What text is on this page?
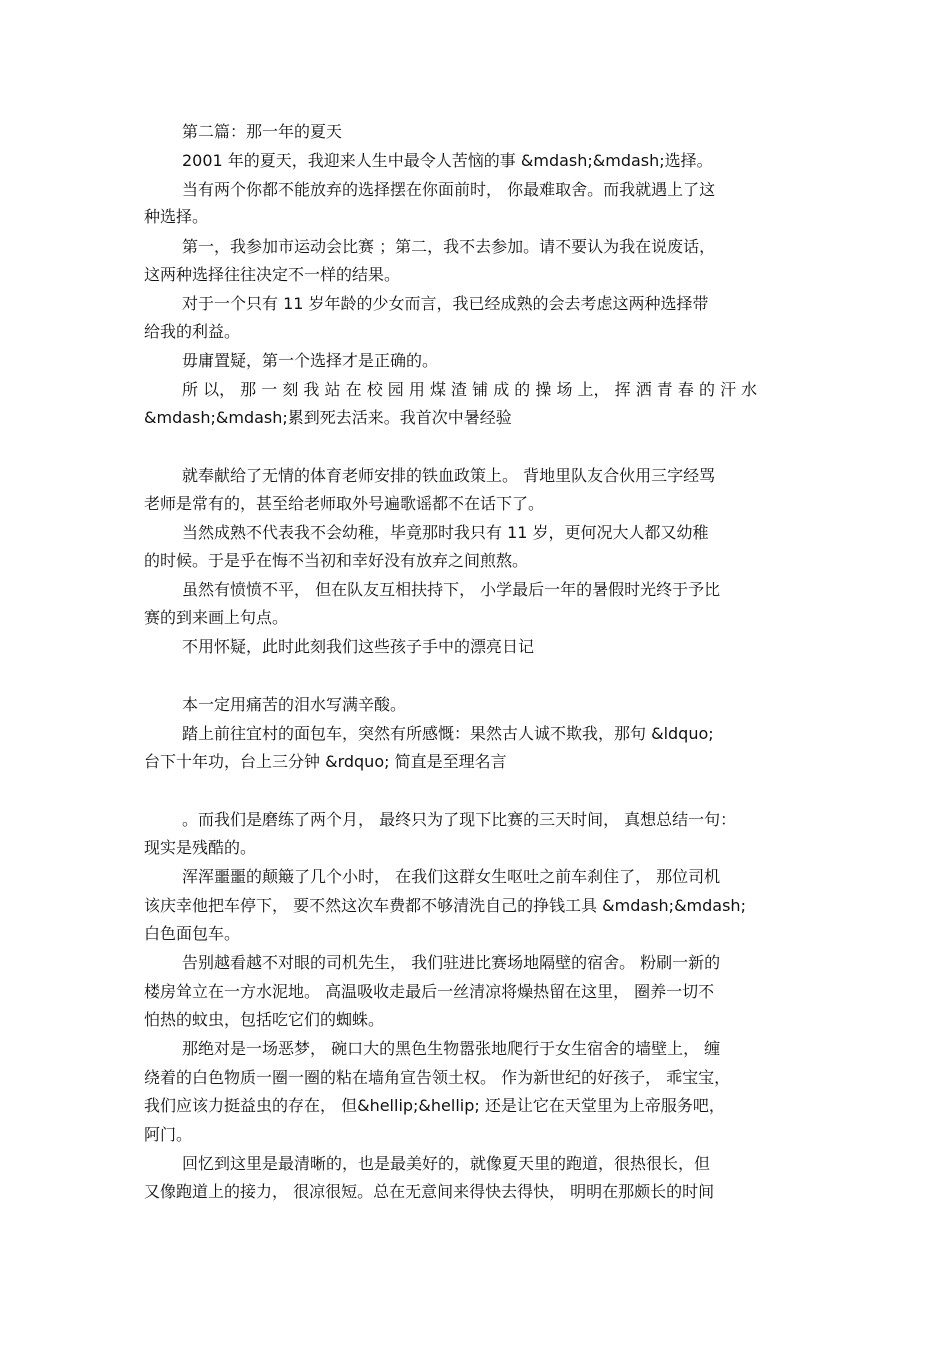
第二篇：那一年的夏天
2001 年的夏天，我迎来人生中最令人苦恼的事 &mdash;&mdash;选择。
当有两个你都不能放弃的选择摆在你面前时， 你最难取舍。而我就遇上了这
种选择。
第一，我参加市运动会比赛 ；第二，我不去参加。请不要认为我在说废话，
这两种选择往往决定不一样的结果。
对于一个只有 11 岁年龄的少女而言，我已经成熟的会去考虑这两种选择带
给我的利益。
毋庸置疑，第一个选择才是正确的。
所 以， 那 一 刻 我 站 在 校 园 用 煤 渣 铺 成 的 操 场 上， 挥 洒 青 春 的 汗 水
&mdash;&mdash;累到死去活来。我首次中暑经验
就奉献给了无情的体育老师安排的铁血政策上。 背地里队友合伙用三字经骂
老师是常有的，甚至给老师取外号遍歌谣都不在话下了。
当然成熟不代表我不会幼稚，毕竟那时我只有 11 岁，更何况大人都又幼稚
的时候。于是乎在悔不当初和幸好没有放弃之间煎熬。
虽然有愤愤不平， 但在队友互相扶持下， 小学最后一年的暑假时光终于予比
赛的到来画上句点。
不用怀疑，此时此刻我们这些孩子手中的漂亮日记
本一定用痛苦的泪水写满辛酸。
踏上前往宜村的面包车，突然有所感慨：果然古人诚不欺我，那句 &ldquo;
台下十年功，台上三分钟 &rdquo; 简直是至理名言
。而我们是磨练了两个月， 最终只为了现下比赛的三天时间， 真想总结一句：
现实是残酷的。
浑浑噩噩的颠簸了几个小时， 在我们这群女生呕吐之前车刹住了， 那位司机
该庆幸他把车停下， 要不然这次车费都不够清洗自己的挣钱工具 &mdash;&mdash;
白色面包车。
告别越看越不对眼的司机先生， 我们驻进比赛场地隔壁的宿舍。 粉刷一新的
楼房耸立在一方水泥地。 高温吸收走最后一丝清凉将燥热留在这里， 圈养一切不
怕热的蚊虫，包括吃它们的蜘蛛。
那绝对是一场恶梦， 碗口大的黑色生物嚣张地爬行于女生宿舍的墙壁上， 缠
绕着的白色物质一圈一圈的粘在墙角宣告领土权。 作为新世纪的好孩子， 乖宝宝，
我们应该力挺益虫的存在， 但&hellip;&hellip; 还是让它在天堂里为上帝服务吧，
阿门。
回忆到这里是最清晰的，也是最美好的，就像夏天里的跑道，很热很长，但
又像跑道上的接力， 很凉很短。总在无意间来得快去得快， 明明在那颇长的时间
